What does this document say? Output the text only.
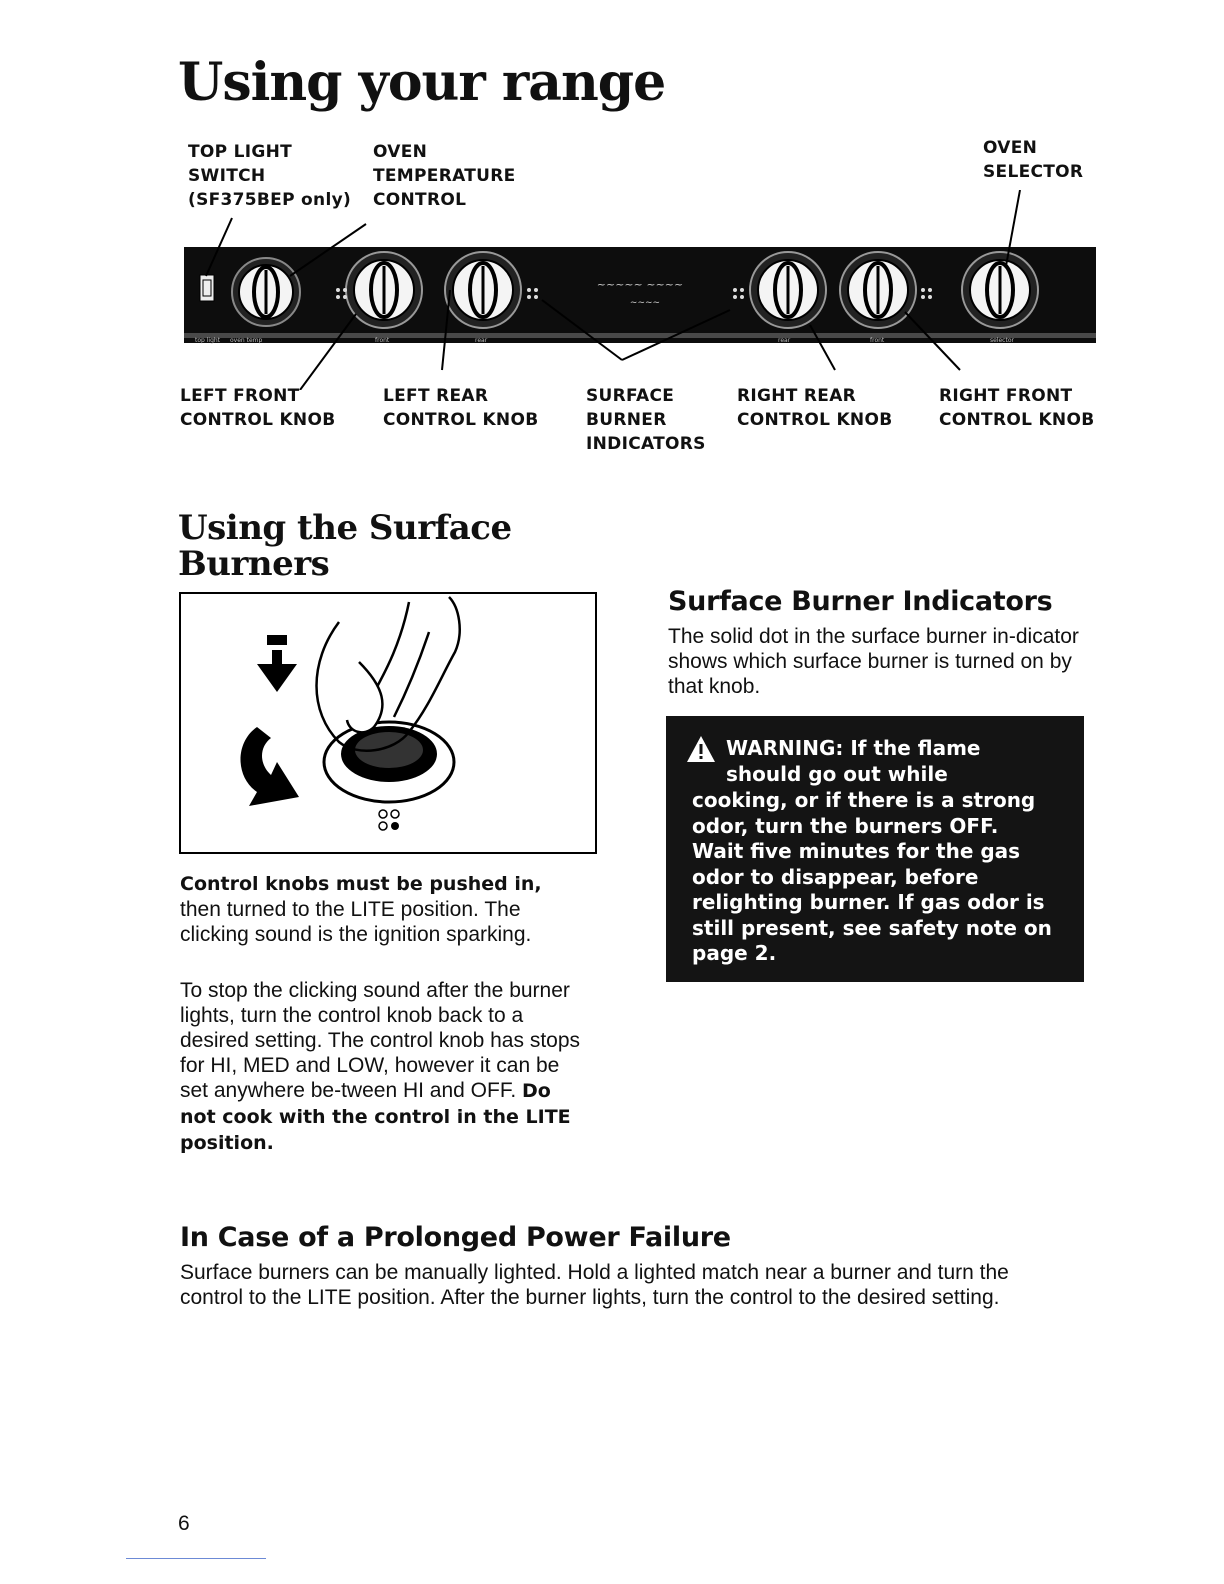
Using your range
TOP LIGHT
SWITCH
(SF375BEP only)
OVEN
TEMPERATURE
CONTROL
OVEN
SELECTOR
top light oven temp	front	rear	rear	front	selector
~~~~~ ~~~~
~~~~
LEFT FRONT
CONTROL KNOB
LEFT REAR
CONTROL KNOB
SURFACE
BURNER
INDICATORS
RIGHT REAR
CONTROL KNOB
RIGHT FRONT
CONTROL KNOB
Using the Surface
Burners
Control knobs must be pushed in, then turned to the LITE position. The clicking sound is the ignition sparking.
To stop the clicking sound after the burner lights, turn the control knob back to a desired setting. The control knob has stops for HI, MED and LOW, however it can be set anywhere be-tween HI and OFF. Do not cook with the control in the LITE position.
Surface Burner Indicators
The solid dot in the surface burner in-dicator shows which surface burner is turned on by that knob.
WARNING: If the flame
should go out while
cooking, or if there is a strong odor, turn the burners OFF. Wait five minutes for the gas odor to disappear, before relighting burner. If gas odor is still present, see safety note on page 2.
In Case of a Prolonged Power Failure
Surface burners can be manually lighted. Hold a lighted match near a burner and turn the control to the LITE position. After the burner lights, turn the control to the desired setting.
6
